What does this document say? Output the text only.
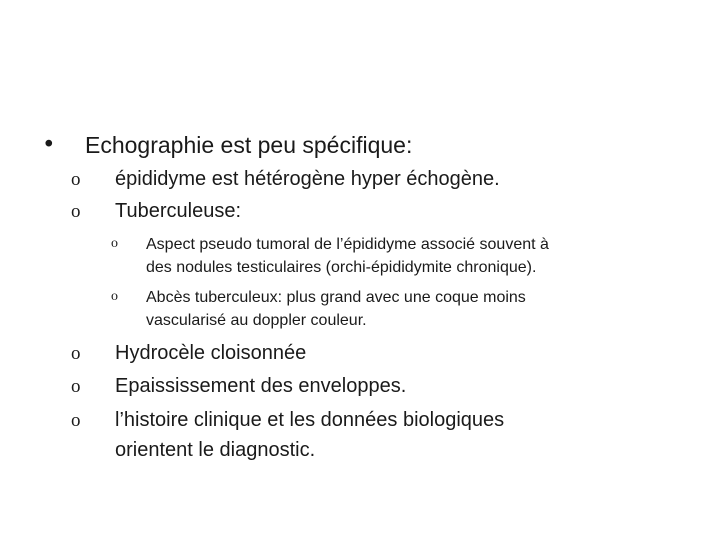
• Echographie est peu spécifique:
o épididyme est hétérogène hyper échogène.
o Tuberculeuse:
o Aspect pseudo tumoral de l’épididyme associé souvent à
des nodules testiculaires (orchi-épididymite chronique).
o Abcès tuberculeux: plus grand avec une coque moins
vascularisé au doppler couleur.
o Hydrocèle cloisonnée
o Epaississement des enveloppes.
o l’histoire clinique et les données biologiques
orientent le diagnostic.
